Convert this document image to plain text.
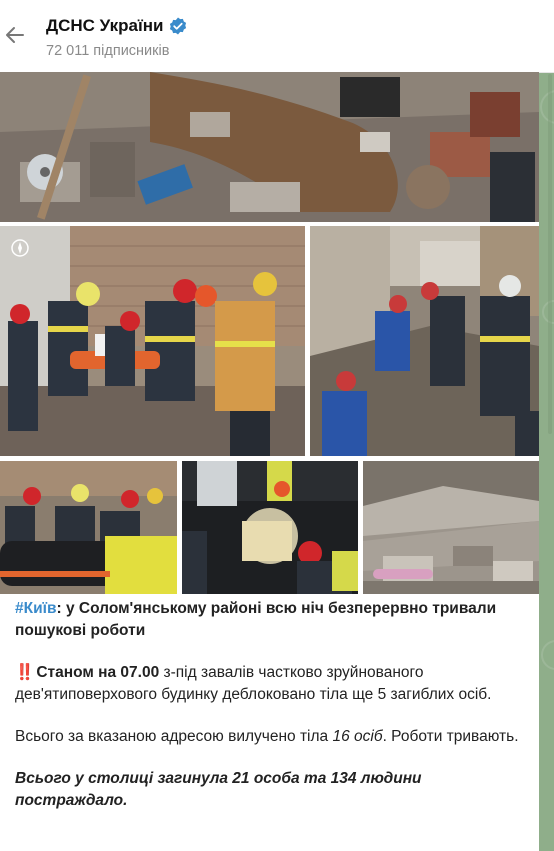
ДСНС України
72 011 підписників

#Київ: у Солом'янському районі всю ніч безперервно тривали пошукові роботи

‼️ Станом на 07.00 з-під завалів частково зруйнованого дев'ятиповерхового будинку деблоковано тіла ще 5 загиблих осіб.

Всього за вказаною адресою вилучено тіла 16 осіб. Роботи тривають.

Всього у столиці загинула 21 особа та 134 людини постраждало.
